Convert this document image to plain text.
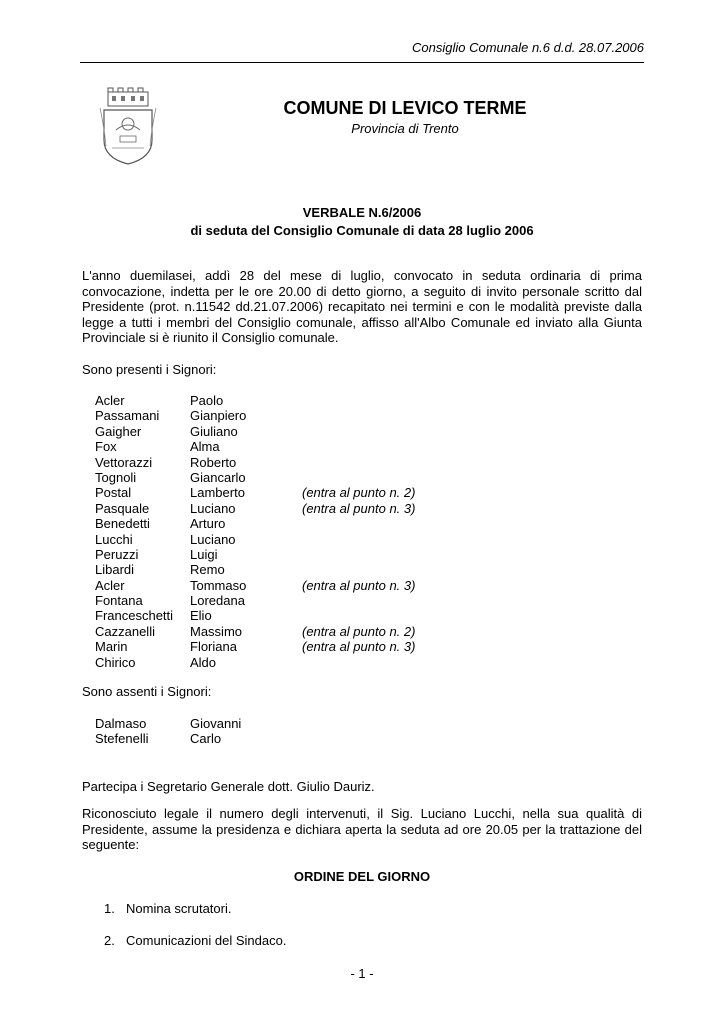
Consiglio Comunale n.6 d.d. 28.07.2006
COMUNE DI LEVICO TERME
Provincia di Trento
VERBALE N.6/2006
di seduta del Consiglio Comunale di data 28 luglio 2006
L'anno duemilasei, addì 28 del mese di luglio, convocato in seduta ordinaria di prima convocazione, indetta per le ore 20.00 di detto giorno, a seguito di invito personale scritto dal Presidente (prot. n.11542 dd.21.07.2006) recapitato nei termini e con le modalità previste dalla legge a tutti i membri del Consiglio comunale, affisso all'Albo Comunale ed inviato alla Giunta Provinciale si è riunito il Consiglio comunale.
Sono presenti i Signori:
Acler	Paolo
Passamani Gianpiero
Gaigher	Giuliano
Fox	Alma
Vettorazzi	Roberto
Tognoli	Giancarlo
Postal	Lamberto	(entra al punto n. 2)
Pasquale	Luciano	(entra al punto n. 3)
Benedetti	Arturo
Lucchi	Luciano
Peruzzi	Luigi
Libardi	Remo
Acler	Tommaso	(entra al punto n. 3)
Fontana	Loredana
Franceschetti Elio
Cazzanelli	Massimo	(entra al punto n. 2)
Marin	Floriana	(entra al punto n. 3)
Chirico	Aldo
Sono assenti i Signori:
Dalmaso	Giovanni
Stefenelli	Carlo
Partecipa i Segretario Generale dott. Giulio Dauriz.
Riconosciuto legale il numero degli intervenuti, il Sig. Luciano Lucchi, nella sua qualità di Presidente, assume la presidenza e dichiara aperta la seduta ad ore 20.05 per la trattazione del seguente:
ORDINE DEL GIORNO
1. Nomina scrutatori.
2. Comunicazioni del Sindaco.
- 1 -
